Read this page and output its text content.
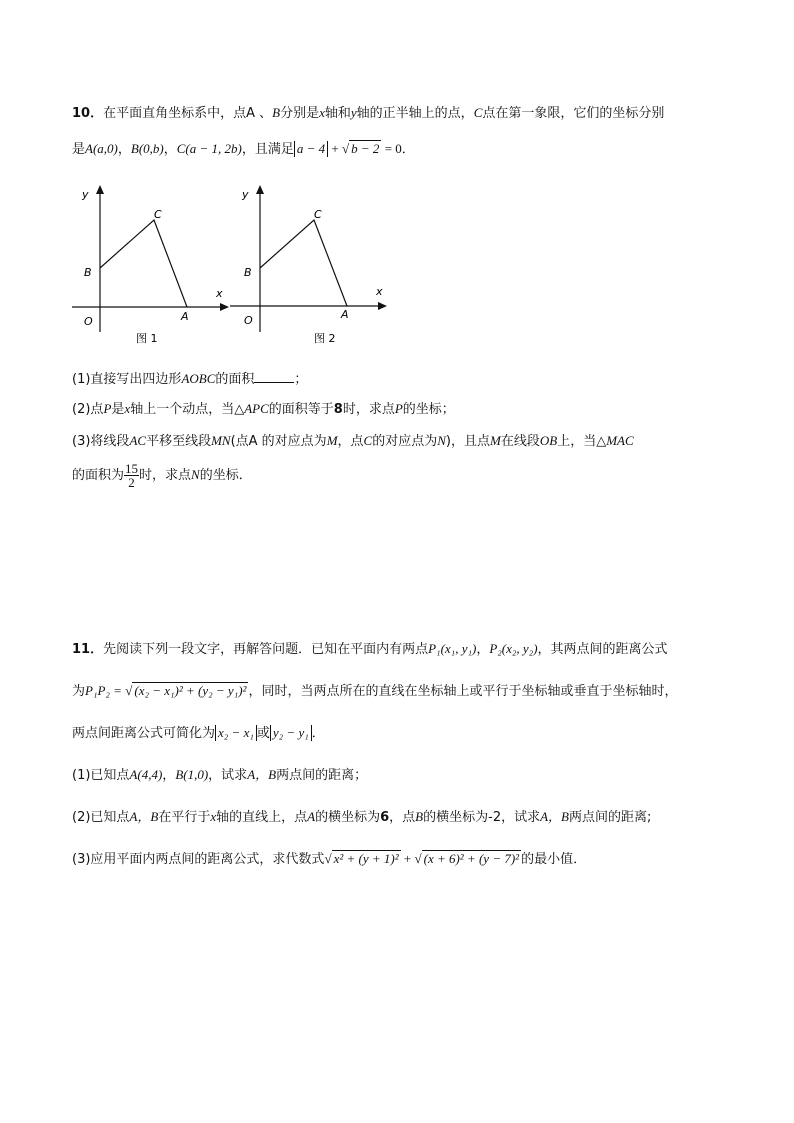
10．在平面直角坐标系中，点A 、B分别是x轴和y轴的正半轴上的点，C点在第一象限，它们的坐标分别
是A(a,0)，B(0,b)，C(a − 1, 2b)，且满足 a − 4 + √ b − 2 = 0．
y
x
O	A
B
C
图 1
y
x
O	A
B
C
图 2
(1)直接写出四边形AOBC的面积	；
(2)点P是x轴上一个动点，当△APC的面积等于8时，求点P的坐标；
(3)将线段AC平移至线段MN(点A 的对应点为M，点C的对应点为N)，且点M在线段OB上，当△MAC
的面积为 $\frac{15}{2}$ 时，求点N的坐标．
11．先阅读下列一段文字，再解答问题．已知在平面内有两点P₁(x₁, y₁)，P₂(x₂, y₂)，其两点间的距离公式
为P₁P₂ = √ (x₂ − x₁)² + (y₂ − y₁)² ，同时，当两点所在的直线在坐标轴上或平行于坐标轴或垂直于坐标轴时，
两点间距离公式可简化为 x₂ − x₁ 或 y₂ − y₁ ．
(1)已知点A(4,4)，B(1,0)，试求A，B两点间的距离；
(2)已知点A，B在平行于x轴的直线上，点A的横坐标为6，点B的横坐标为-2，试求A，B两点间的距离;
(3)应用平面内两点间的距离公式，求代数式√ x² + (y + 1)² + √ (x + 6)² + (y − 7)² 的最小值．
